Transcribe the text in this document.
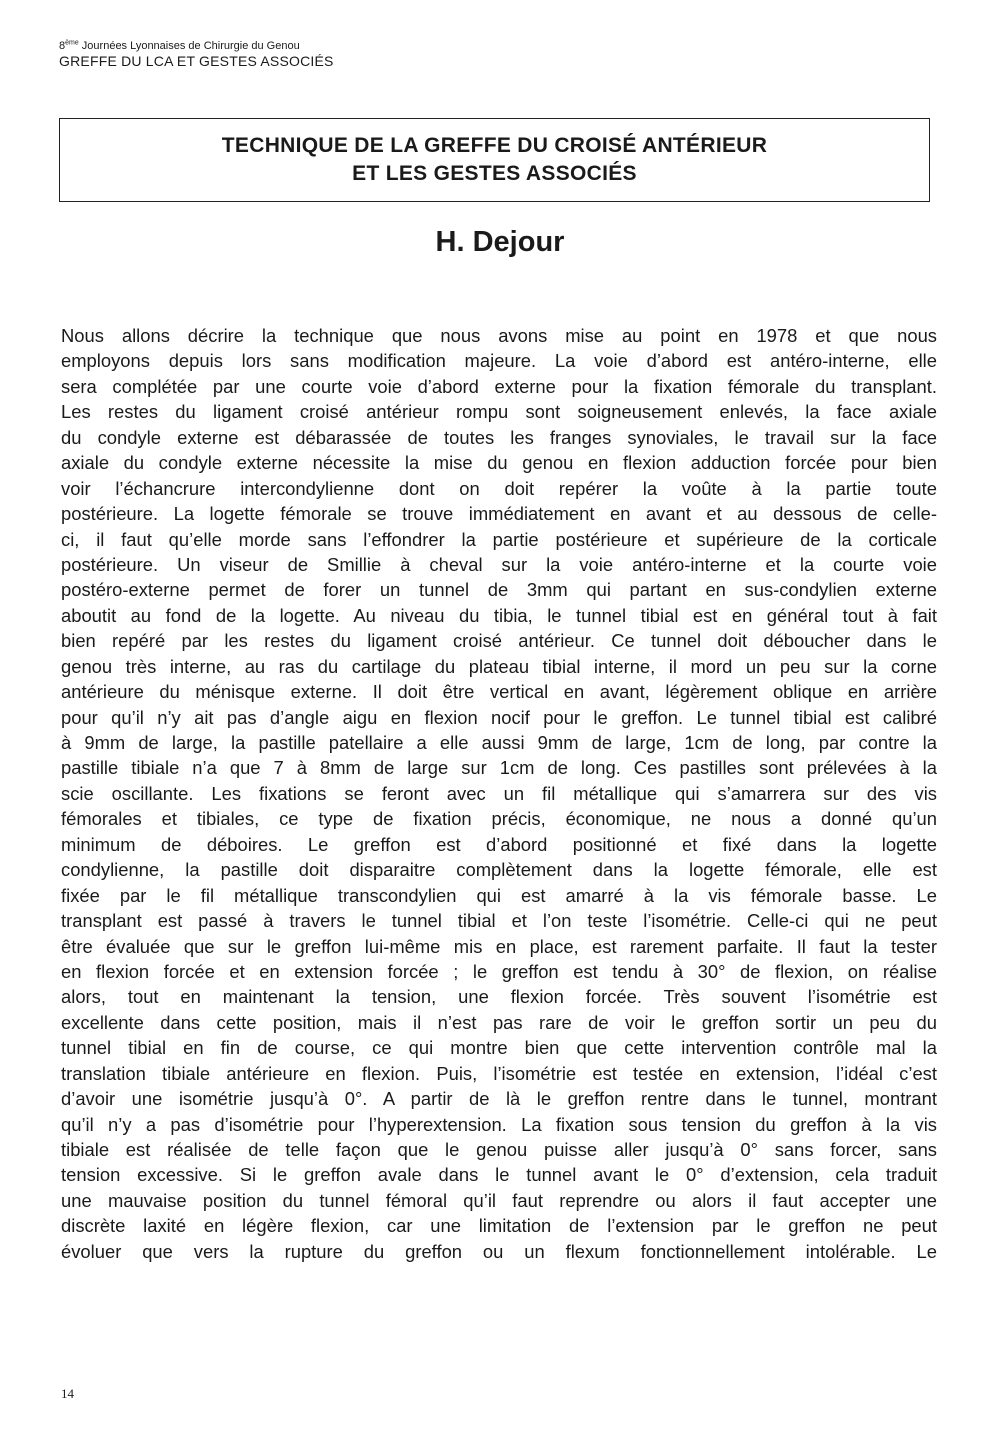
8ème Journées Lyonnaises de Chirurgie du Genou
GREFFE DU LCA ET GESTES ASSOCIÉS
TECHNIQUE DE LA GREFFE DU CROISÉ ANTÉRIEUR
ET LES GESTES ASSOCIÉS
H. Dejour
Nous allons décrire la technique que nous avons mise au point en 1978 et que nous
employons depuis lors sans modification majeure. La voie d’abord est antéro-interne, elle
sera complétée par une courte voie d’abord externe pour la fixation fémorale du transplant.
Les restes du ligament croisé antérieur rompu sont soigneusement enlevés, la face axiale
du condyle externe est débarassée de toutes les franges synoviales, le travail sur la face
axiale du condyle externe nécessite la mise du genou en flexion adduction forcée pour bien
voir l’échancrure intercondylienne dont on doit repérer la voûte à la partie toute
postérieure. La logette fémorale se trouve immédiatement en avant et au dessous de celle-
ci, il faut qu’elle morde sans l’effondrer la partie postérieure et supérieure de la corticale
postérieure. Un viseur de Smillie à cheval sur la voie antéro-interne et la courte voie
postéro-externe permet de forer un tunnel de 3mm qui partant en sus-condylien externe
aboutit au fond de la logette. Au niveau du tibia, le tunnel tibial est en général tout à fait
bien repéré par les restes du ligament croisé antérieur. Ce tunnel doit déboucher dans le
genou très interne, au ras du cartilage du plateau tibial interne, il mord un peu sur la corne
antérieure du ménisque externe. Il doit être vertical en avant, légèrement oblique en arrière
pour qu’il n’y ait pas d’angle aigu en flexion nocif pour le greffon. Le tunnel tibial est calibré
à 9mm de large, la pastille patellaire a elle aussi 9mm de large, 1cm de long, par contre la
pastille tibiale n’a que 7 à 8mm de large sur 1cm de long. Ces pastilles sont prélevées à la
scie oscillante. Les fixations se feront avec un fil métallique qui s’amarrera sur des vis
fémorales et tibiales, ce type de fixation précis, économique, ne nous a donné qu’un
minimum de déboires. Le greffon est d’abord positionné et fixé dans la logette
condylienne, la pastille doit disparaitre complètement dans la logette fémorale, elle est
fixée par le fil métallique transcondylien qui est amarré à la vis fémorale basse. Le
transplant est passé à travers le tunnel tibial et l’on teste l’isométrie. Celle-ci qui ne peut
être évaluée que sur le greffon lui-même mis en place, est rarement parfaite. Il faut la tester
en flexion forcée et en extension forcée ; le greffon est tendu à 30° de flexion, on réalise
alors, tout en maintenant la tension, une flexion forcée. Très souvent l’isométrie est
excellente dans cette position, mais il n’est pas rare de voir le greffon sortir un peu du
tunnel tibial en fin de course, ce qui montre bien que cette intervention contrôle mal la
translation tibiale antérieure en flexion. Puis, l’isométrie est testée en extension, l’idéal c’est
d’avoir une isométrie jusqu’à 0°. A partir de là le greffon rentre dans le tunnel, montrant
qu’il n’y a pas d’isométrie pour l’hyperextension. La fixation sous tension du greffon à la vis
tibiale est réalisée de telle façon que le genou puisse aller jusqu’à 0° sans forcer, sans
tension excessive. Si le greffon avale dans le tunnel avant le 0° d’extension, cela traduit
une mauvaise position du tunnel fémoral qu’il faut reprendre ou alors il faut accepter une
discrète laxité en légère flexion, car une limitation de l’extension par le greffon ne peut
évoluer que vers la rupture du greffon ou un flexum fonctionnellement intolérable. Le
14
